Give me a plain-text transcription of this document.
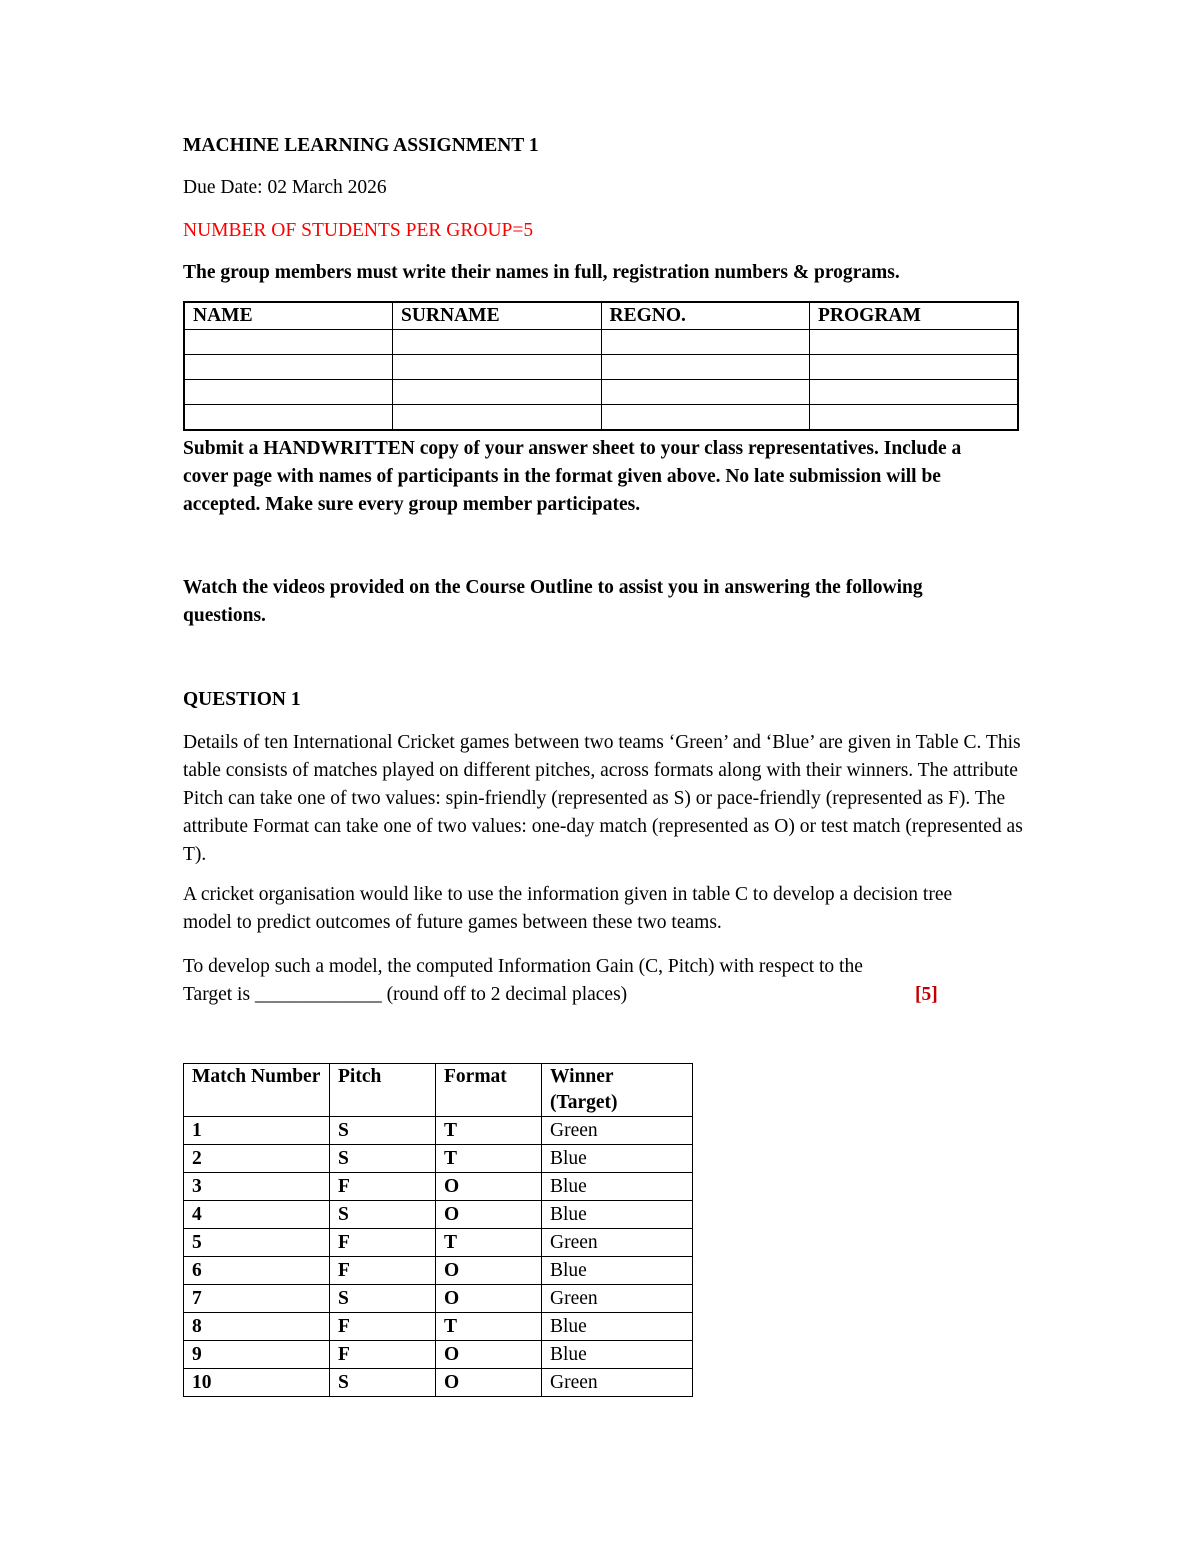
MACHINE LEARNING ASSIGNMENT 1

Due Date: 02 March 2026

NUMBER OF STUDENTS PER GROUP=5

The group members must write their names in full, registration numbers & programs.

NAME	SURNAME	REGNO.	PROGRAM

Submit a HANDWRITTEN copy of your answer sheet to your class representatives. Include a cover page with names of participants in the format given above. No late submission will be accepted. Make sure every group member participates.

Watch the videos provided on the Course Outline to assist you in answering the following questions.

QUESTION 1

Details of ten International Cricket games between two teams ‘Green’ and ‘Blue’ are given in Table C. This table consists of matches played on different pitches, across formats along with their winners. The attribute Pitch can take one of two values: spin-friendly (represented as S) or pace-friendly (represented as F). The attribute Format can take one of two values: one-day match (represented as O) or test match (represented as T).

A cricket organisation would like to use the information given in table C to develop a decision tree model to predict outcomes of future games between these two teams.

To develop such a model, the computed Information Gain (C, Pitch) with respect to the
Target is _____________ (round off to 2 decimal places)	[5]
Match Number	Pitch	Format	Winner (Target)
1	S	T	Green
2	S	T	Blue
3	F	O	Blue
4	S	O	Blue
5	F	T	Green
6	F	O	Blue
7	S	O	Green
8	F	T	Blue
9	F	O	Blue
10	S	O	Green
